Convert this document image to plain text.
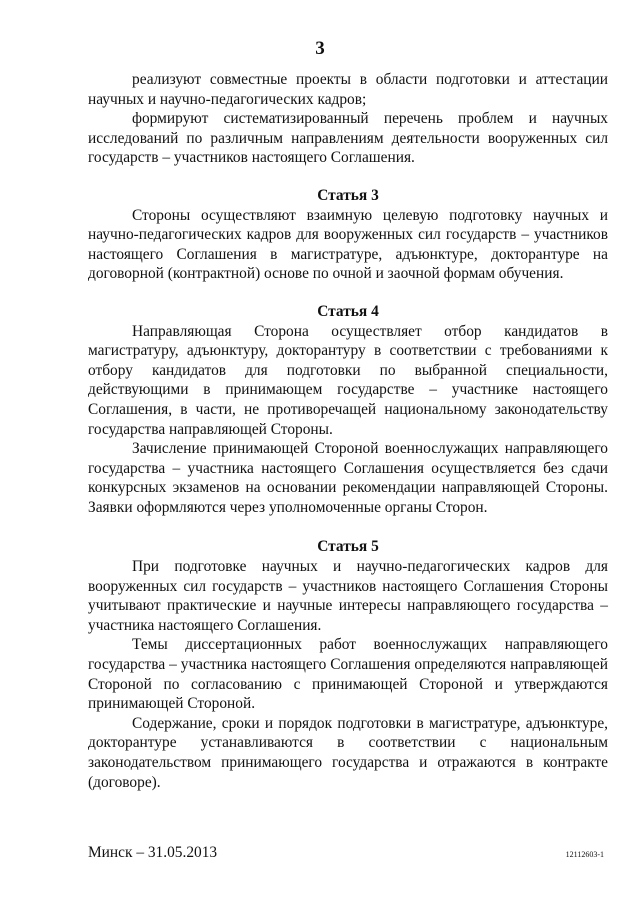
3

реализуют совместные проекты в области подготовки и аттестации научных и научно-педагогических кадров;

формируют систематизированный перечень проблем и научных исследований по различным направлениям деятельности вооруженных сил государств – участников настоящего Соглашения.

Статья 3

Стороны осуществляют взаимную целевую подготовку научных и научно-педагогических кадров для вооруженных сил государств – участников настоящего Соглашения в магистратуре, адъюнктуре, докторантуре на договорной (контрактной) основе по очной и заочной формам обучения.

Статья 4

Направляющая Сторона осуществляет отбор кандидатов в магистратуру, адъюнктуру, докторантуру в соответствии с требованиями к отбору кандидатов для подготовки по выбранной специальности, действующими в принимающем государстве – участнике настоящего Соглашения, в части, не противоречащей национальному законодательству государства направляющей Стороны.

Зачисление принимающей Стороной военнослужащих направляющего государства – участника настоящего Соглашения осуществляется без сдачи конкурсных экзаменов на основании рекомендации направляющей Стороны. Заявки оформляются через уполномоченные органы Сторон.

Статья 5

При подготовке научных и научно-педагогических кадров для вооруженных сил государств – участников настоящего Соглашения Стороны учитывают практические и научные интересы направляющего государства – участника настоящего Соглашения.

Темы диссертационных работ военнослужащих направляющего государства – участника настоящего Соглашения определяются направляющей Стороной по согласованию с принимающей Стороной и утверждаются принимающей Стороной.

Содержание, сроки и порядок подготовки в магистратуре, адъюнктуре, докторантуре устанавливаются в соответствии с национальным законодательством принимающего государства и отражаются в контракте (договоре).

Минск – 31.05.2013	12112603-1
